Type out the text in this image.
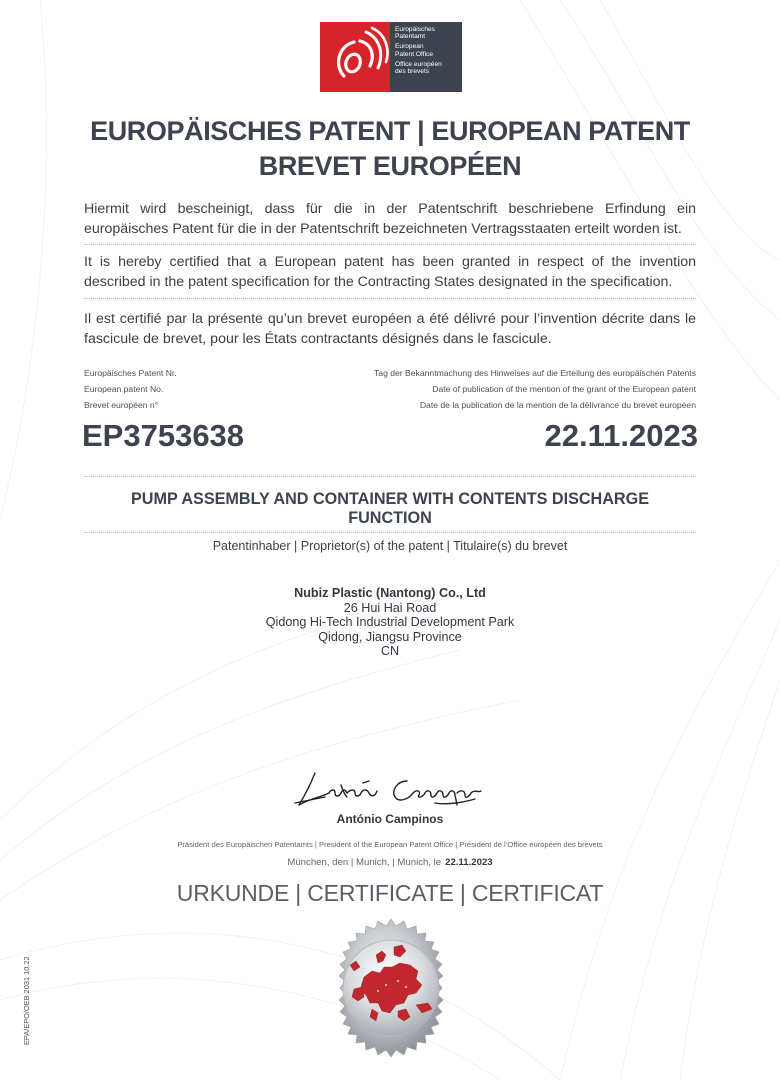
Europäisches
Patentamt
European
Patent Office
Office européen
des brevets
EUROPÄISCHES PATENT | EUROPEAN PATENT
BREVET EUROPÉEN
Hiermit wird bescheinigt, dass für die in der Patentschrift beschriebene Erfindung ein europäisches Patent für die in der Patentschrift bezeichneten Vertragsstaaten erteilt worden ist.
It is hereby certified that a European patent has been granted in respect of the invention described in the patent specification for the Contracting States designated in the specification.
Il est certifié par la présente qu’un brevet européen a été délivré pour l’invention décrite dans le fascicule de brevet, pour les États contractants désignés dans le fascicule.
Europäisches Patent Nr.
European patent No.
Brevet européen n°
Tag der Bekanntmachung des Hinweises auf die Erteilung des europäischen Patents
Date of publication of the mention of the grant of the European patent
Date de la publication de la mention de la délivrance du brevet européen
EP3753638	22.11.2023
PUMP ASSEMBLY AND CONTAINER WITH CONTENTS DISCHARGE
FUNCTION
Patentinhaber | Proprietor(s) of the patent | Titulaire(s) du brevet
Nubiz Plastic (Nantong) Co., Ltd
26 Hui Hai Road
Qidong Hi-Tech Industrial Development Park
Qidong, Jiangsu Province
CN
António Campinos
Präsident des Europäischen Patentamts | President of the European Patent Office | Président de l’Office européen des brevets
München, den | Munich, | Munich, le 22.11.2023
URKUNDE | CERTIFICATE | CERTIFICAT
EPA/EPO/OEB 2031 10.22
